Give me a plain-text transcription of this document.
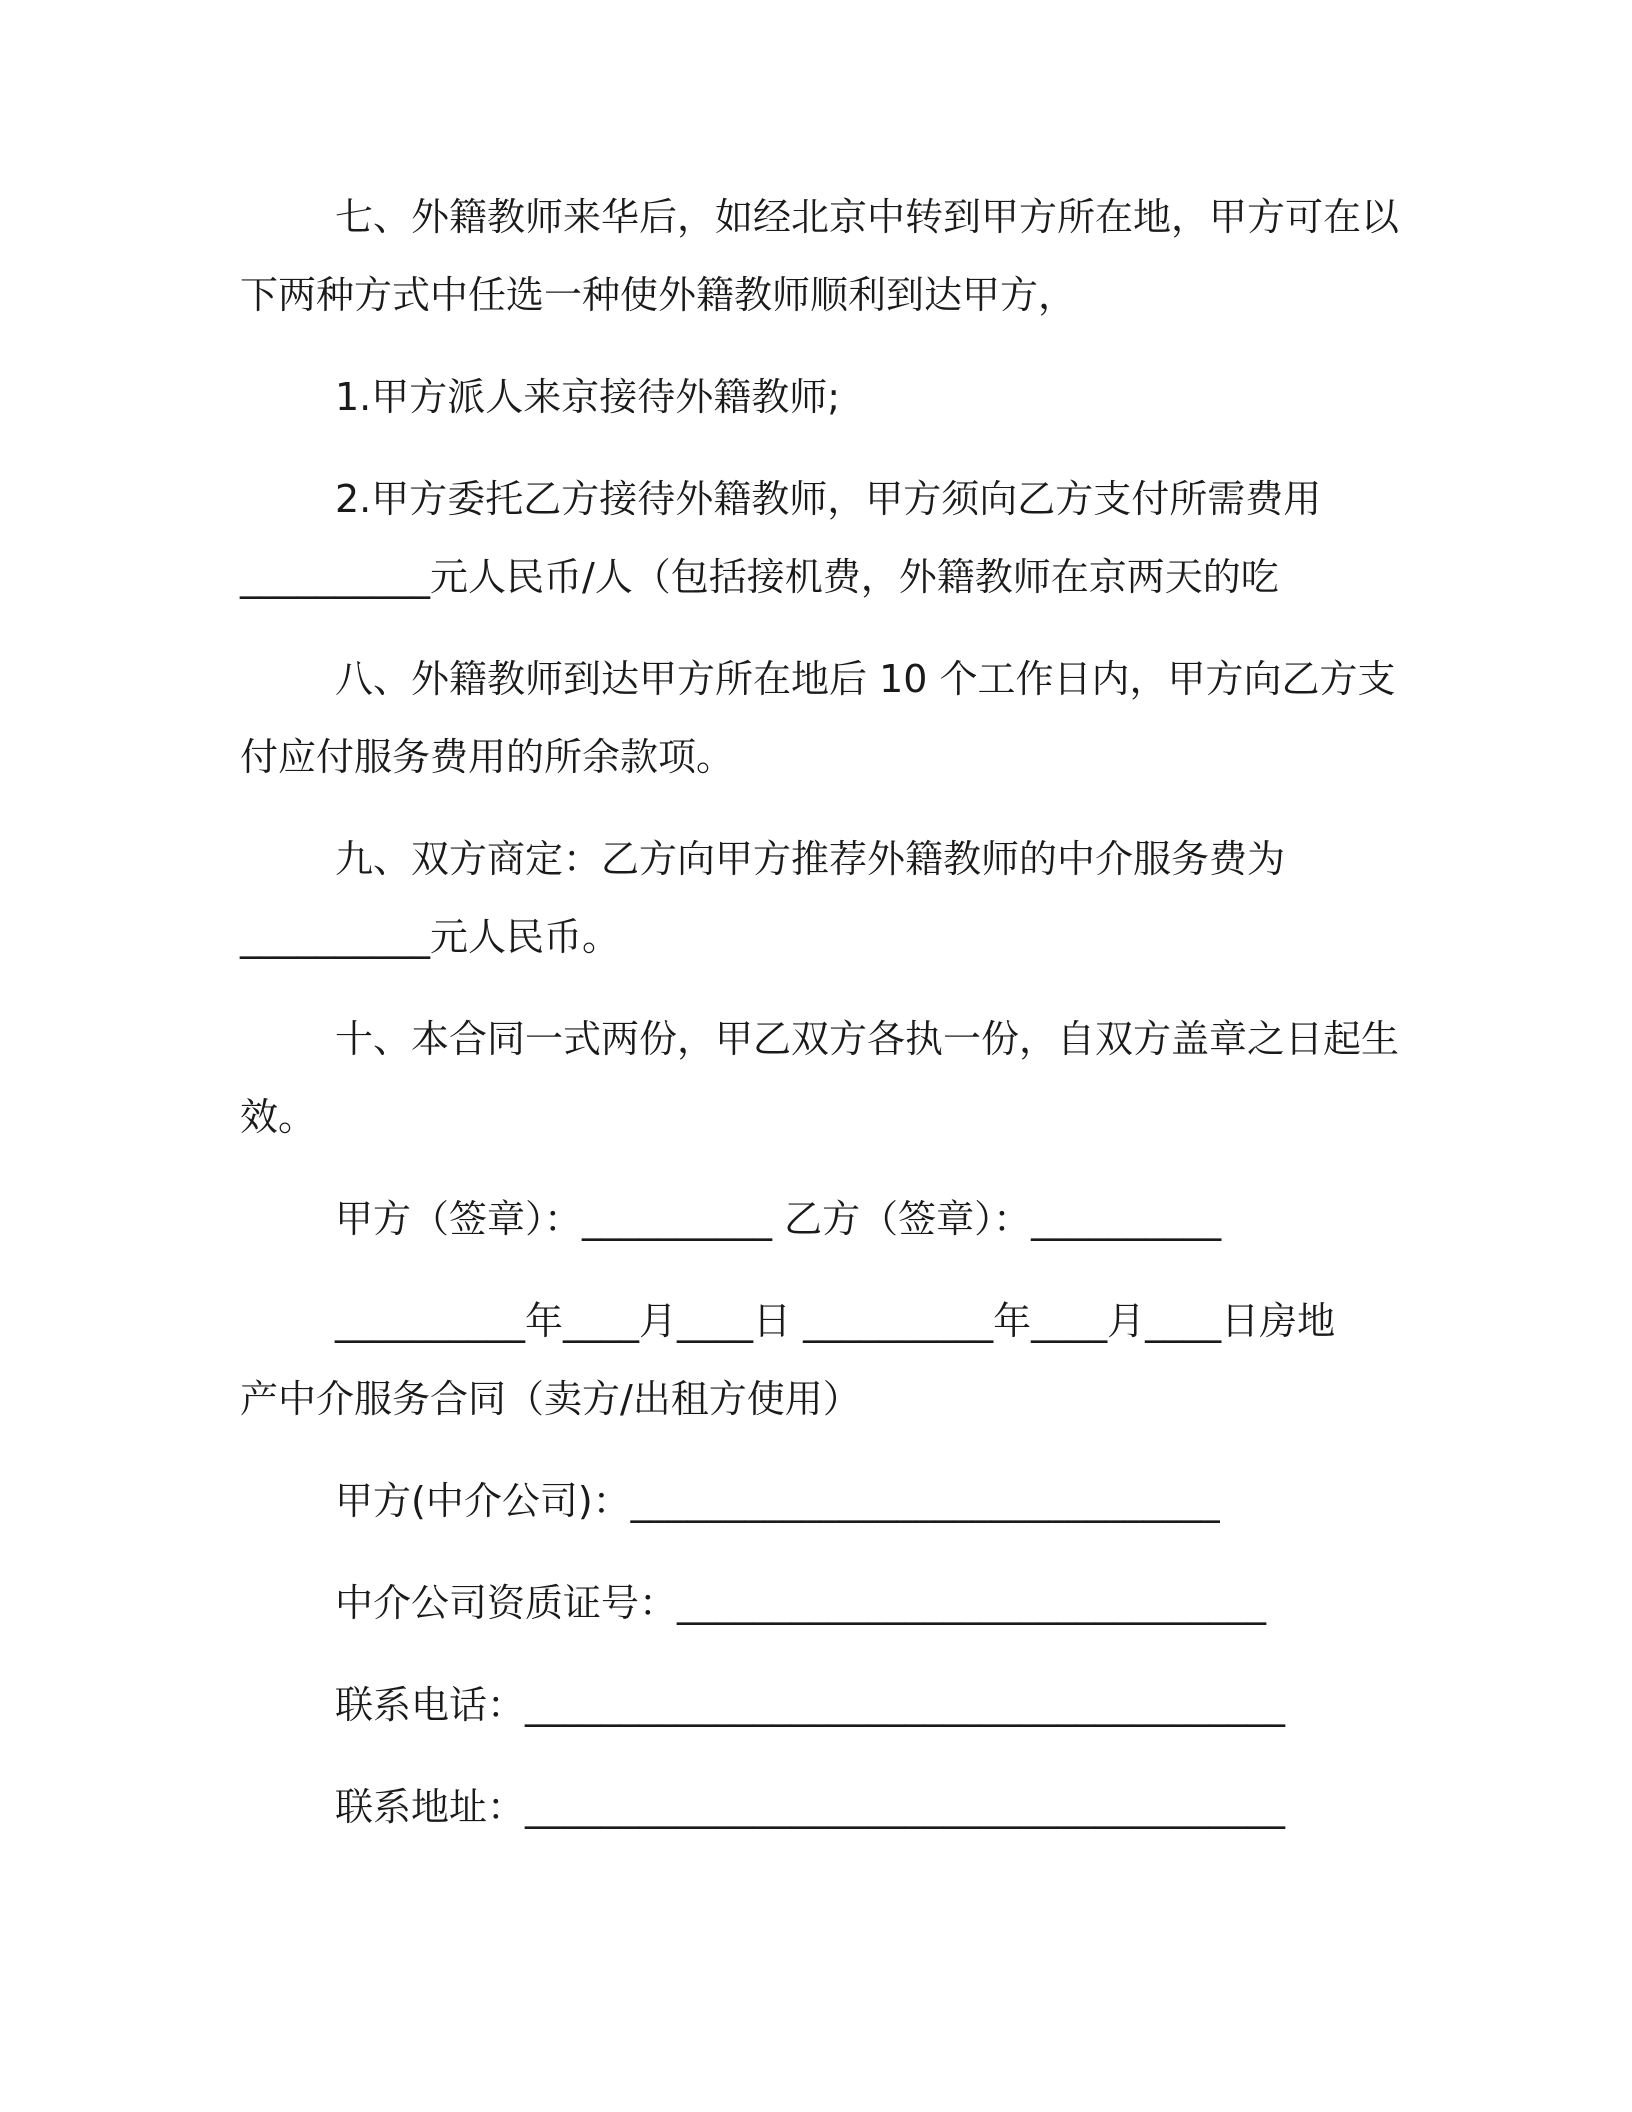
七、外籍教师来华后，如经北京中转到甲方所在地，甲方可在以
下两种方式中任选一种使外籍教师顺利到达甲方，
1.甲方派人来京接待外籍教师;
2.甲方委托乙方接待外籍教师，甲方须向乙方支付所需费用
__________元人民币/人（包括接机费，外籍教师在京两天的吃
八、外籍教师到达甲方所在地后 10 个工作日内，甲方向乙方支
付应付服务费用的所余款项。
九、双方商定：乙方向甲方推荐外籍教师的中介服务费为
__________元人民币。
十、本合同一式两份，甲乙双方各执一份，自双方盖章之日起生
效。
甲方（签章）：__________ 乙方（签章）：__________
__________年____月____日 __________年____月____日房地
产中介服务合同（卖方/出租方使用）
甲方(中介公司)：_______________________________
中介公司资质证号：_______________________________
联系电话：________________________________________
联系地址：________________________________________
